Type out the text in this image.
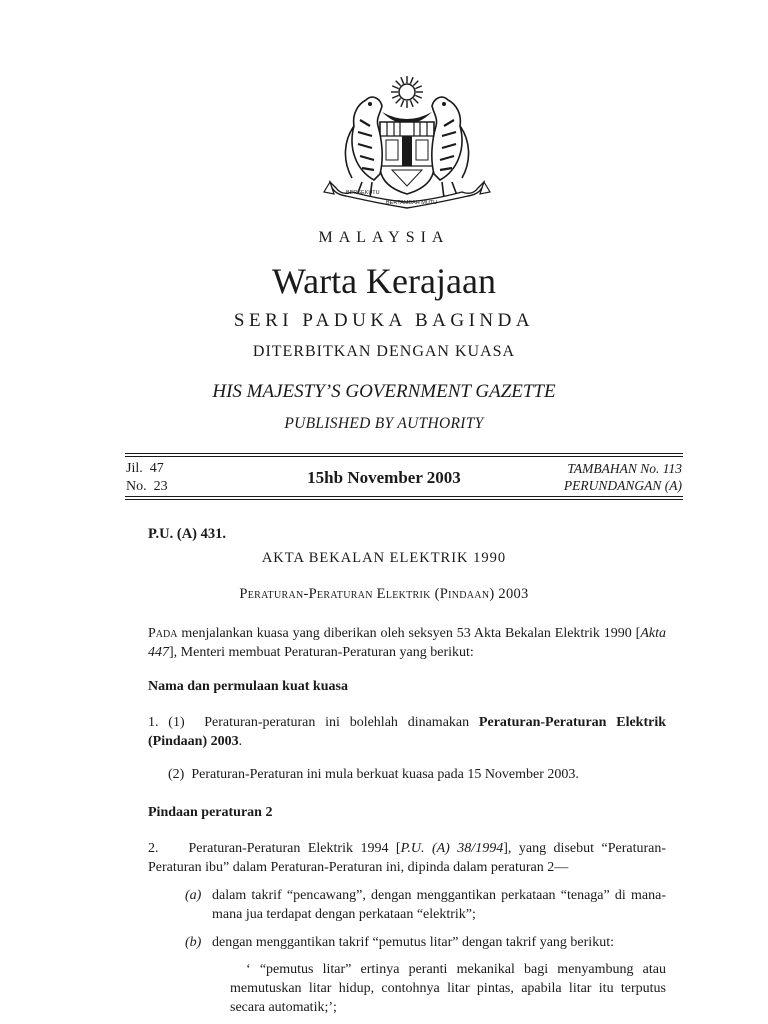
BERSEKUTU
BERTAMBAH MUTU
MALAYSIA
Warta Kerajaan
SERI PADUKA BAGINDA
DITERBITKAN DENGAN KUASA
HIS MAJESTY’S GOVERNMENT GAZETTE
PUBLISHED BY AUTHORITY
Jil.  47
No.  23	15hb November 2003	TAMBAHAN No. 113
PERUNDANGAN (A)
P.U. (A) 431.
AKTA BEKALAN ELEKTRIK 1990
Peraturan-Peraturan Elektrik (Pindaan) 2003
Pada menjalankan kuasa yang diberikan oleh seksyen 53 Akta Bekalan Elektrik 1990 [Akta 447], Menteri membuat Peraturan-Peraturan yang berikut:
Nama dan permulaan kuat kuasa
1. (1)  Peraturan-peraturan ini bolehlah dinamakan Peraturan-Peraturan Elektrik (Pindaan) 2003.
(2)  Peraturan-Peraturan ini mula berkuat kuasa pada 15 November 2003.
Pindaan peraturan 2
2.    Peraturan-Peraturan Elektrik 1994 [P.U. (A) 38/1994], yang disebut “Peraturan-Peraturan ibu” dalam Peraturan-Peraturan ini, dipinda dalam peraturan 2—
(a) dalam takrif “pencawang”, dengan menggantikan perkataan “tenaga” di mana-mana jua terdapat dengan perkataan “elektrik”;
(b) dengan menggantikan takrif “pemutus litar” dengan takrif yang berikut:
‘ “pemutus litar” ertinya peranti mekanikal bagi menyambung atau memutuskan litar hidup, contohnya litar pintas, apabila litar itu terputus secara automatik;’;
